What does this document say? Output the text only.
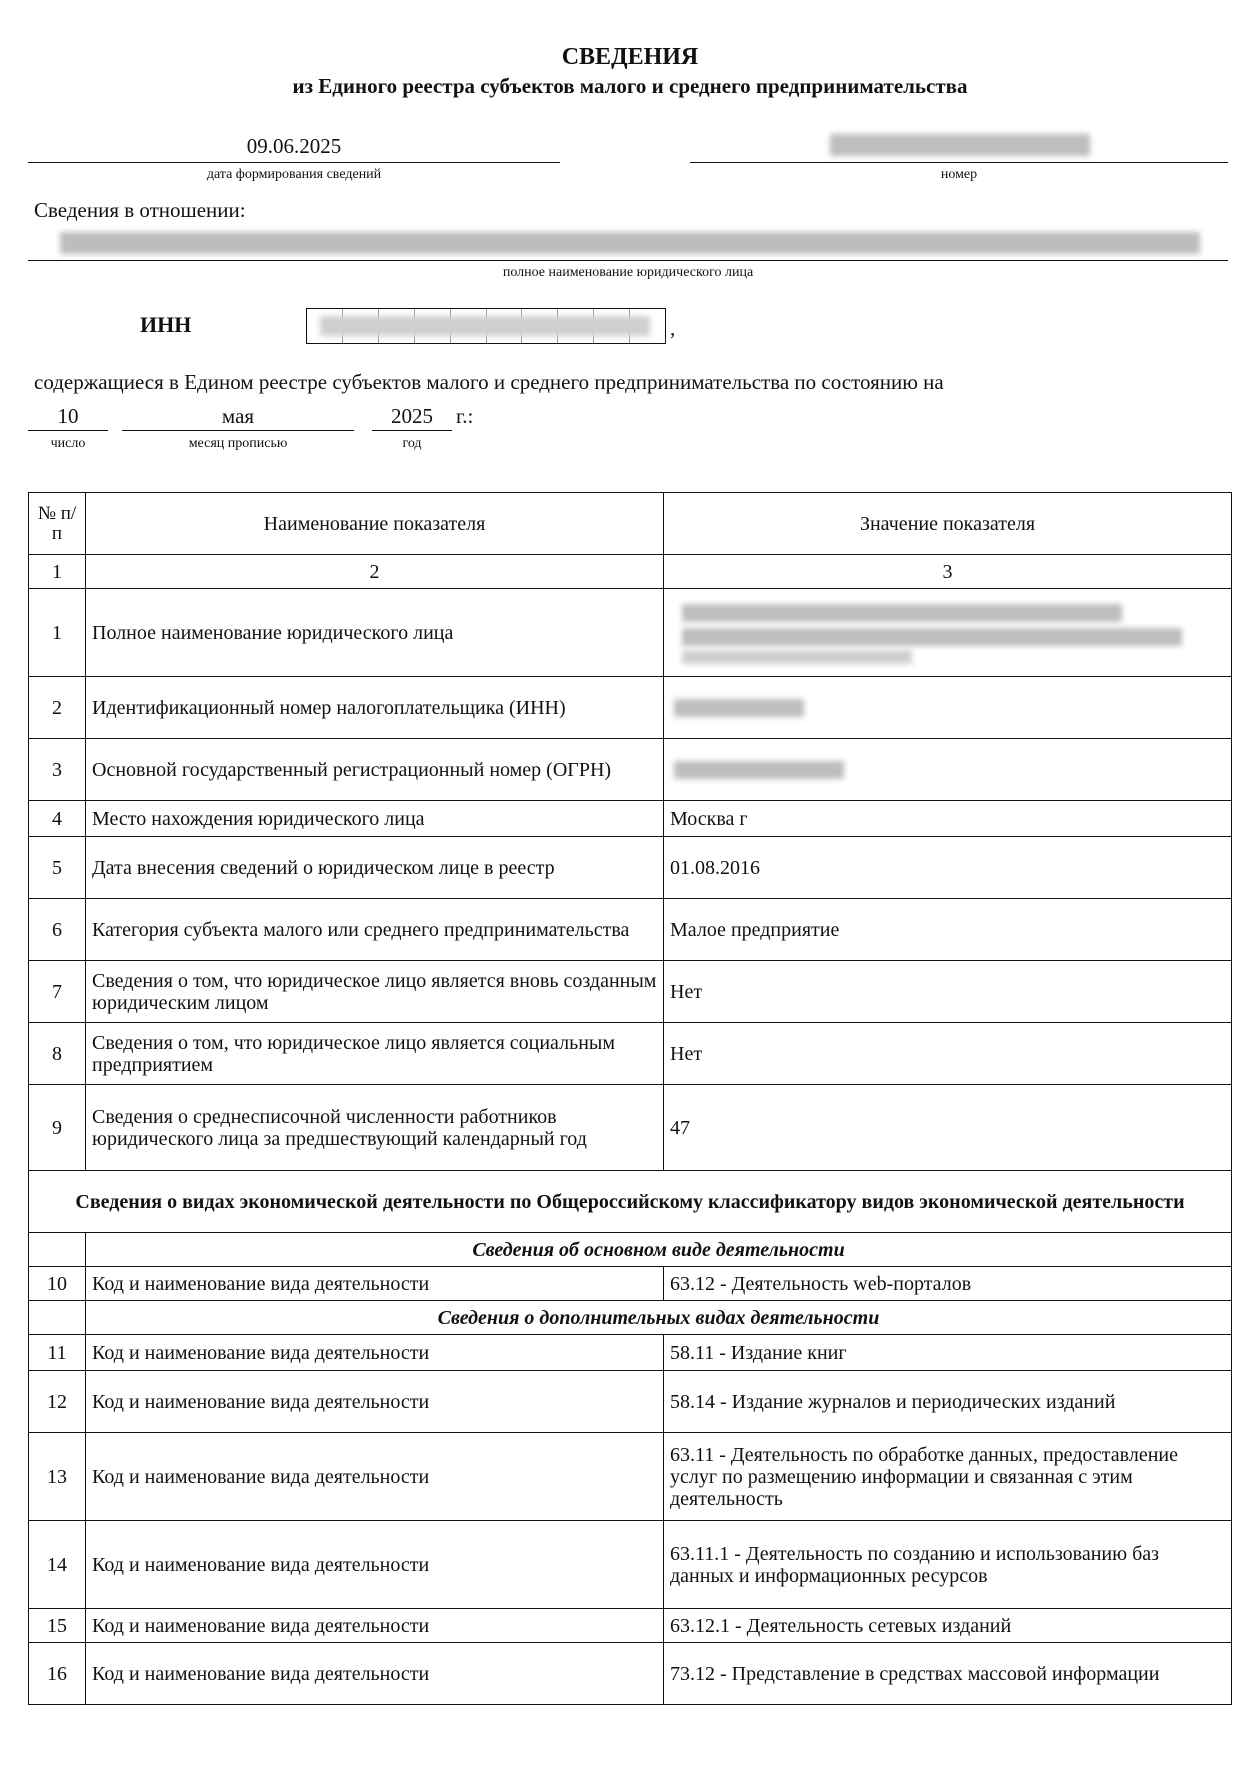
СВЕДЕНИЯ
из Единого реестра субъектов малого и среднего предпринимательства
09.06.2025
дата формирования сведений	номер
Сведения в отношении:
полное наименование юридического лица
ИНН	,
содержащиеся в Едином реестре субъектов малого и среднего предпринимательства по состоянию на
10
число
мая
месяц прописью
2025
год
г.:
№ п/п	Наименование показателя	Значение показателя
1	2	3
1	Полное наименование юридического лица	

2	Идентификационный номер налогоплательщика (ИНН)	

3	Основной государственный регистрационный номер (ОГРН)	

4	Место нахождения юридического лица	Москва г
5	Дата внесения сведений о юридическом лице в реестр	01.08.2016
6	Категория субъекта малого или среднего предпринимательства	Малое предприятие
7	Сведения о том, что юридическое лицо является вновь созданным юридическим лицом	Нет
8	Сведения о том, что юридическое лицо является социальным предприятием	Нет
9	Сведения о среднесписочной численности работников юридического лица за предшествующий календарный год	47
Сведения о видах экономической деятельности по Общероссийскому классификатору видов экономической деятельности		
	Сведения об основном виде деятельности	
10	Код и наименование вида деятельности	63.12 - Деятельность web-порталов
	Сведения о дополнительных видах деятельности	
11	Код и наименование вида деятельности	58.11 - Издание книг
12	Код и наименование вида деятельности	58.14 - Издание журналов и периодических изданий
13	Код и наименование вида деятельности	63.11 - Деятельность по обработке данных, предоставление услуг по размещению информации и связанная с этим деятельность
14	Код и наименование вида деятельности	63.11.1 - Деятельность по созданию и использованию баз данных и информационных ресурсов
15	Код и наименование вида деятельности	63.12.1 - Деятельность сетевых изданий
16	Код и наименование вида деятельности	73.12 - Представление в средствах массовой информации
